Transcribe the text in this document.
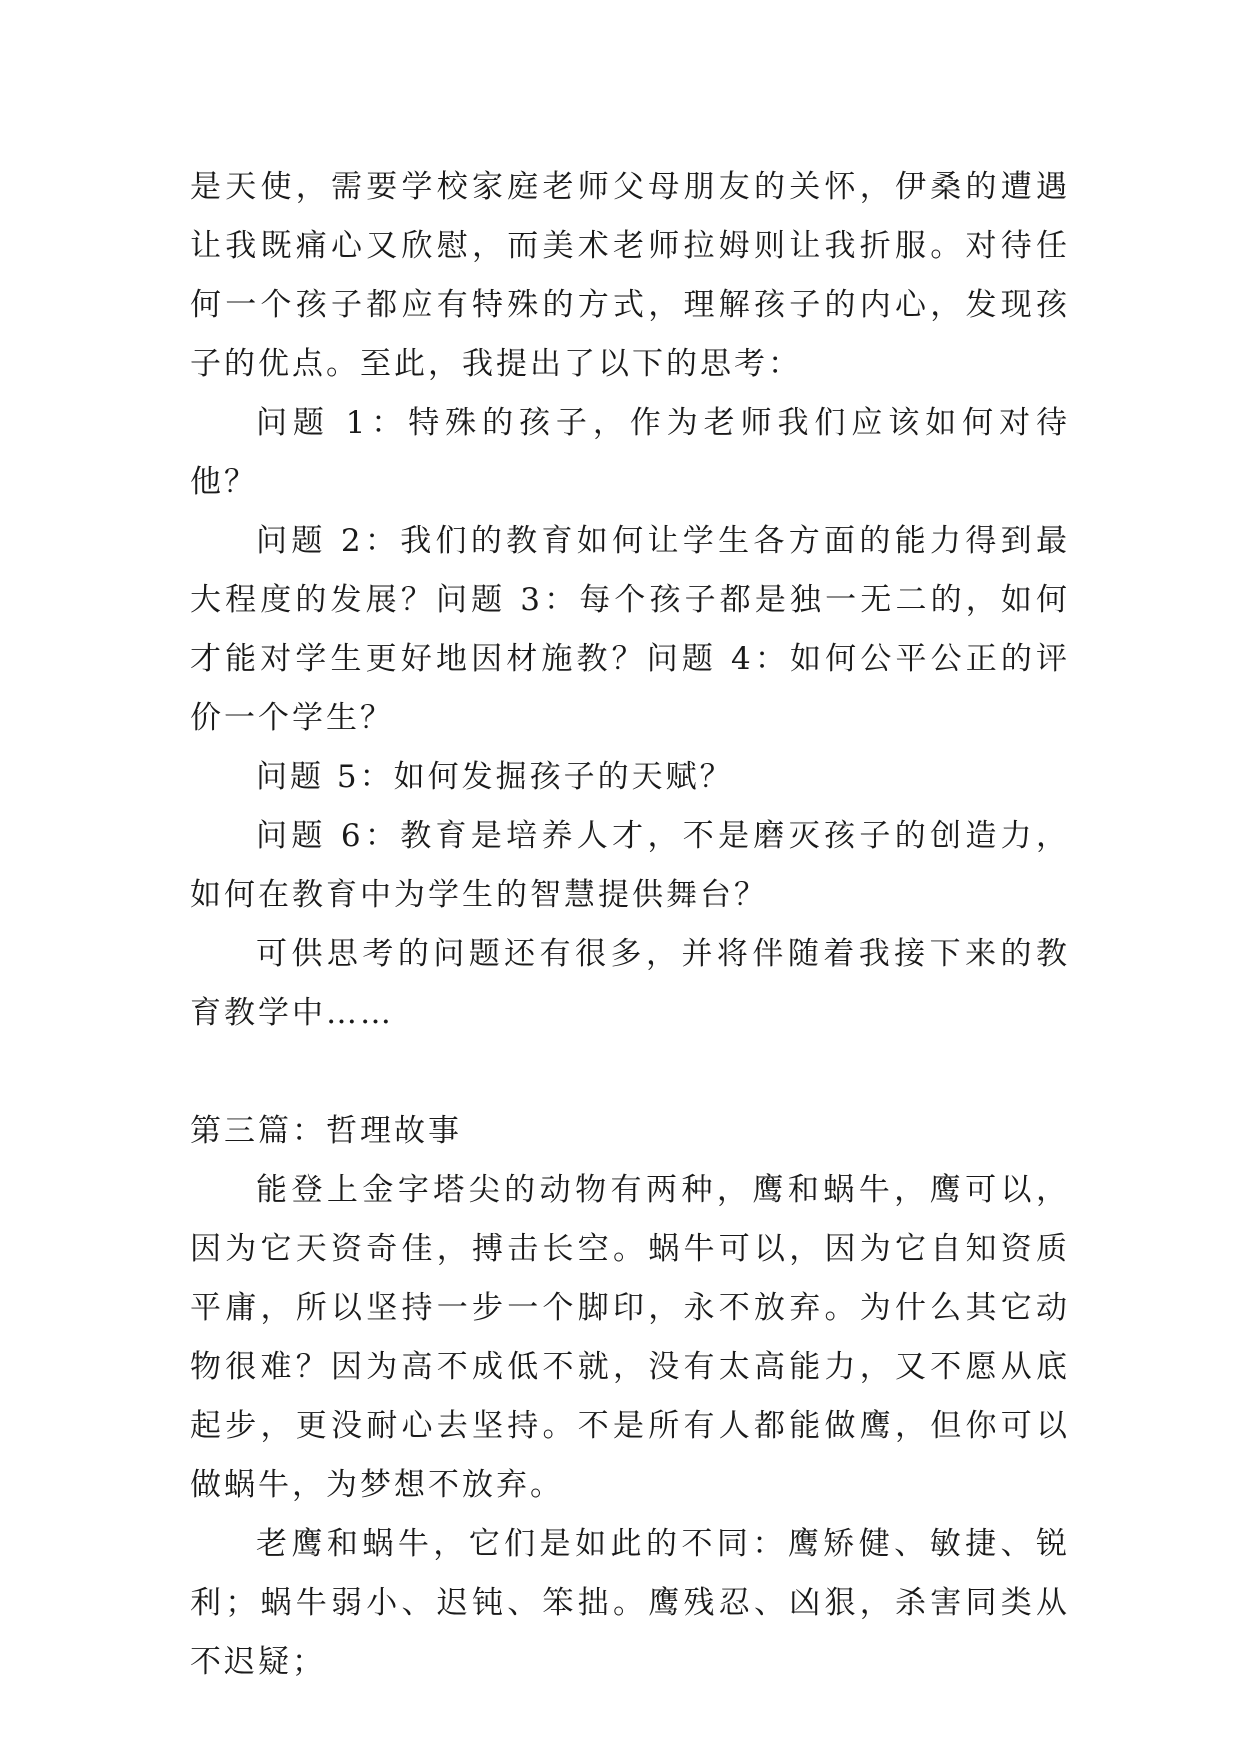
是天使，需要学校家庭老师父母朋友的关怀，伊桑的遭遇让我既痛心又欣慰，而美术老师拉姆则让我折服。对待任何一个孩子都应有特殊的方式，理解孩子的内心，发现孩子的优点。至此，我提出了以下的思考：

问题 1：特殊的孩子，作为老师我们应该如何对待他？

问题 2：我们的教育如何让学生各方面的能力得到最大程度的发展？问题 3：每个孩子都是独一无二的，如何才能对学生更好地因材施教？问题 4：如何公平公正的评价一个学生？

问题 5：如何发掘孩子的天赋？

问题 6：教育是培养人才，不是磨灭孩子的创造力，如何在教育中为学生的智慧提供舞台？

可供思考的问题还有很多，并将伴随着我接下来的教育教学中……

第三篇：哲理故事

能登上金字塔尖的动物有两种，鹰和蜗牛，鹰可以，因为它天资奇佳，搏击长空。蜗牛可以，因为它自知资质平庸，所以坚持一步一个脚印，永不放弃。为什么其它动物很难？因为高不成低不就，没有太高能力，又不愿从底起步，更没耐心去坚持。不是所有人都能做鹰，但你可以做蜗牛，为梦想不放弃。

老鹰和蜗牛，它们是如此的不同：鹰矫健、敏捷、锐利；蜗牛弱小、迟钝、笨拙。鹰残忍、凶狠，杀害同类从不迟疑；
